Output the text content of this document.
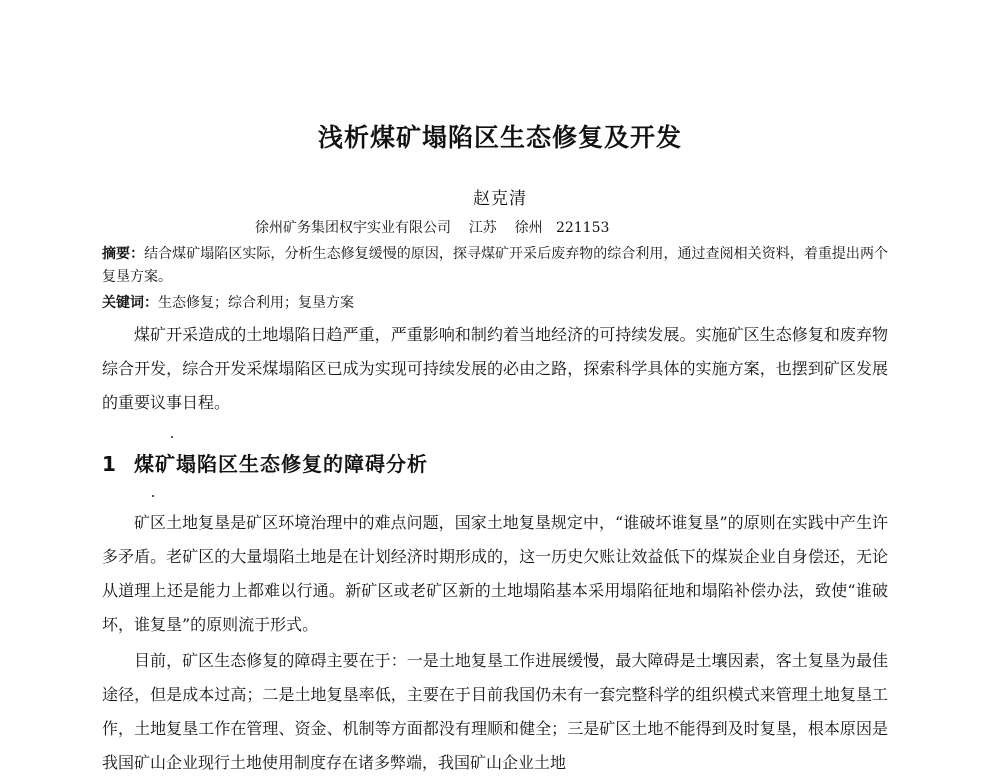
浅析煤矿塌陷区生态修复及开发
赵克清
徐州矿务集团权宇实业有限公司    江苏    徐州   221153
摘要：结合煤矿塌陷区实际，分析生态修复缓慢的原因，探寻煤矿开采后废弃物的综合利用，通过查阅相关资料，着重提出两个复垦方案。
关键词：生态修复；综合利用；复垦方案
煤矿开采造成的土地塌陷日趋严重，严重影响和制约着当地经济的可持续发展。实施矿区生态修复和废弃物综合开发，综合开发采煤塌陷区已成为实现可持续发展的必由之路，探索科学具体的实施方案，也摆到矿区发展的重要议事日程。
1 煤矿塌陷区生态修复的障碍分析
矿区土地复垦是矿区环境治理中的难点问题，国家土地复垦规定中，“谁破坏谁复垦”的原则在实践中产生许多矛盾。老矿区的大量塌陷土地是在计划经济时期形成的，这一历史欠账让效益低下的煤炭企业自身偿还，无论从道理上还是能力上都难以行通。新矿区或老矿区新的土地塌陷基本采用塌陷征地和塌陷补偿办法，致使“谁破坏，谁复垦”的原则流于形式。
目前，矿区生态修复的障碍主要在于：一是土地复垦工作进展缓慢，最大障碍是土壤因素，客土复垦为最佳途径，但是成本过高；二是土地复垦率低，主要在于目前我国仍未有一套完整科学的组织模式来管理土地复垦工作，土地复垦工作在管理、资金、机制等方面都没有理顺和健全；三是矿区土地不能得到及时复垦，根本原因是我国矿山企业现行土地使用制度存在诸多弊端，我国矿山企业土地
